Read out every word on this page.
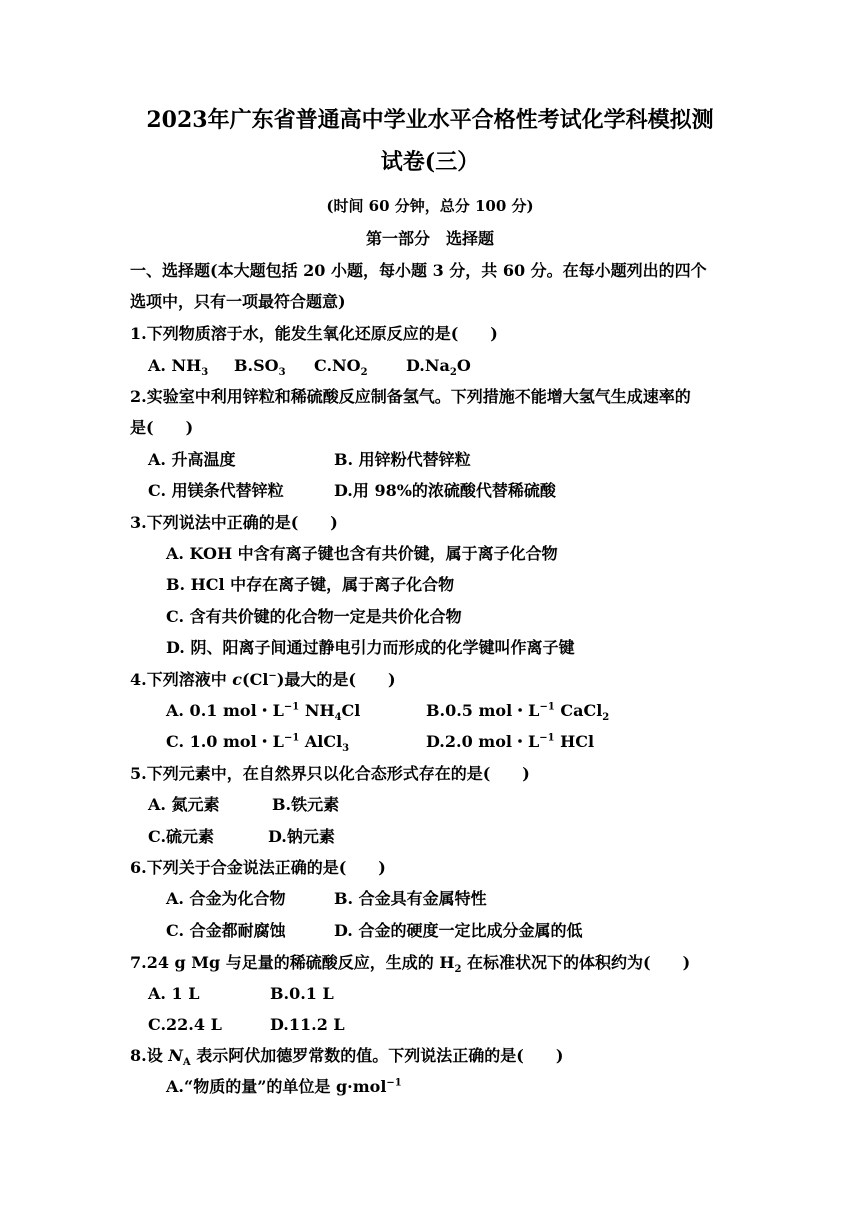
2023年广东省普通高中学业水平合格性考试化学科模拟测
试卷(三）
(时间 60 分钟，总分 100 分)
第一部分　选择题
一、选择题(本大题包括 20 小题，每小题 3 分，共 60 分。在每小题列出的四个
选项中，只有一项最符合题意)
1.下列物质溶于水，能发生氧化还原反应的是(　　)
A. $NH_3$ $B.SO_3$ $C.NO_2$ $D.Na_2O$
2.实验室中利用锌粒和稀硫酸反应制备氢气。下列措施不能增大氢气生成速率的
是(　　)
A. 升高温度	B. 用锌粉代替锌粒
C. 用镁条代替锌粒	D.用 98%的浓硫酸代替稀硫酸
3.下列说法中正确的是(　　)
A. KOH 中含有离子键也含有共价键，属于离子化合物
B. HCl 中存在离子键，属于离子化合物
C. 含有共价键的化合物一定是共价化合物
D. 阴、阳离子间通过静电引力而形成的化学键叫作离子键
4.下列溶液中 c(Cl−)最大的是(　　)
A. 0.1 mol・$L^{-1}$ $NH_4Cl$	B.0.5 mol・$L^{-1}$ CaCl$_2$
C. 1.0 mol・$L^{-1}$ AlCl$_3$	D.2.0 mol・$L^{-1}$ HCl
5.下列元素中，在自然界只以化合态形式存在的是(　　)
A. 氮元素	B.铁元素
C.硫元素	D.钠元素
6.下列关于合金说法正确的是(　　)
A. 合金为化合物	B. 合金具有金属特性
C. 合金都耐腐蚀	D. 合金的硬度一定比成分金属的低
7.24 g Mg 与足量的稀硫酸反应，生成的 $H_2$ 在标准状况下的体积约为(　　)
A. 1 L	B.0.1 L
C.22.4 L	D.11.2 L
8.设 $N_A$ 表示阿伏加德罗常数的值。下列说法正确的是(　　)
A.“物质的量”的单位是 g·mol$^{-1}$
